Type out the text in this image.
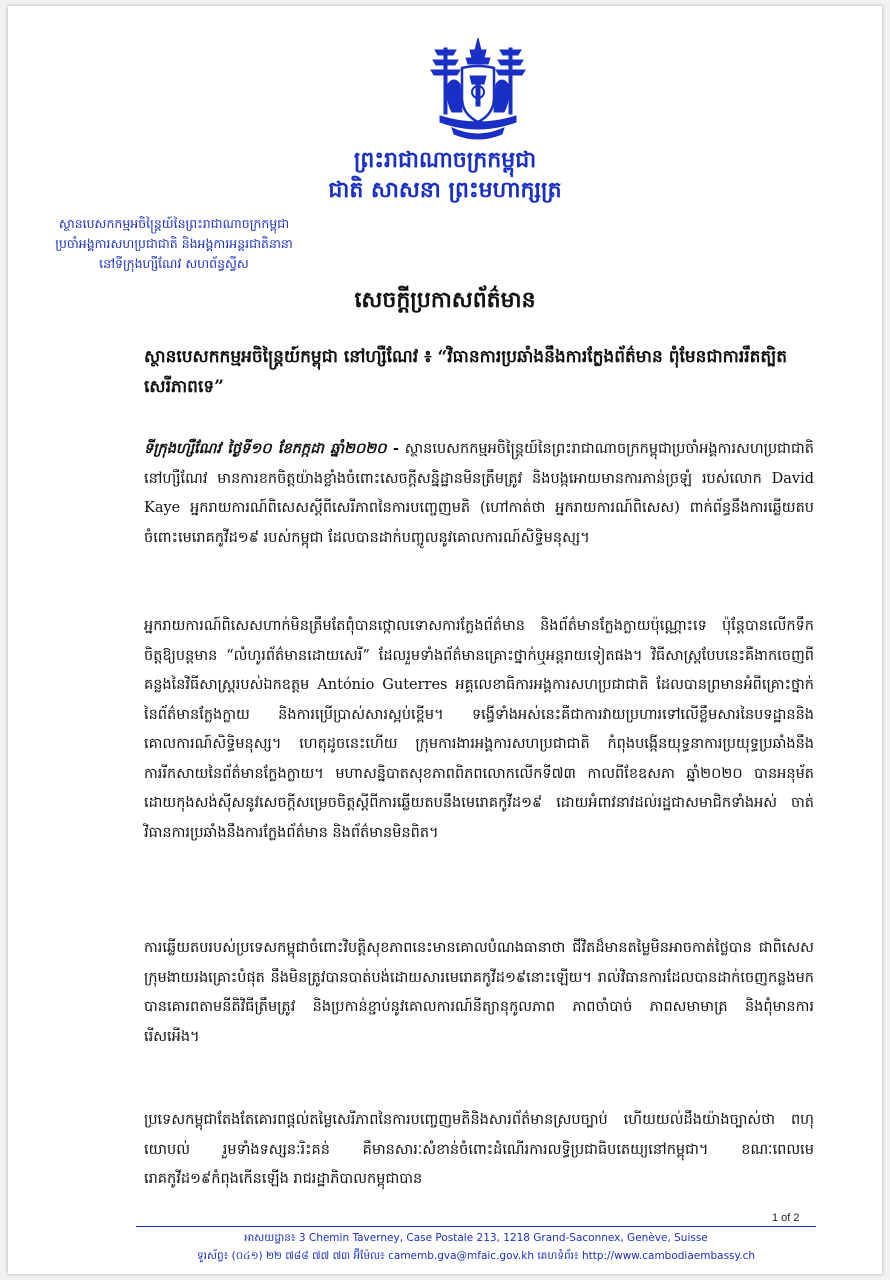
ព្រះរាជាណាចក្រកម្ពុជា
ជាតិ សាសនា ព្រះមហាក្សត្រ
ស្ថានបេសកកម្មអចិន្ត្រៃយ៍នៃព្រះរាជាណាចក្រកម្ពុជា
ប្រចាំអង្គការសហប្រជាជាតិ និងអង្គការអន្តរជាតិនានា
នៅទីក្រុងហ្សឺណែវ សហព័ន្ធស្វីស
សេចក្តីប្រកាសព័ត៌មាន
ស្ថានបេសកកម្មអចិន្ត្រៃយ៍កម្ពុជា នៅហ្សឺណែវ ៖ “វិធានការប្រឆាំងនឹងការក្លែងព័ត៌មាន ពុំមែនជាការរឹតត្បិតសេរីភាពទេ”
ទីក្រុងហ្សឺណែវ ថ្ងៃទី១០ ខែកក្កដា ឆ្នាំ២០២០ - ស្ថានបេសកកម្មអចិន្ត្រៃយ៍នៃព្រះរាជាណាចក្រកម្ពុជាប្រចាំអង្គការសហប្រជាជាតិ នៅហ្សឺណែវ មានការខកចិត្តយ៉ាងខ្លាំងចំពោះសេចក្តីសន្និដ្ឋានមិនត្រឹមត្រូវ និងបង្កអោយមានការភាន់ច្រឡំ របស់លោក David Kaye អ្នករាយការណ៍ពិសេសស្តីពីសេរីភាពនៃការបញ្ចេញមតិ (ហៅកាត់ថា អ្នករាយការណ៍ពិសេស) ពាក់ព័ន្ធនឹងការឆ្លើយតបចំពោះមេរោគកូវីដ១៩ របស់កម្ពុជា ដែលបានដាក់បញ្ចូលនូវគោលការណ៍សិទ្ធិមនុស្ស។
អ្នករាយការណ៍ពិសេសហាក់មិនត្រឹមតែពុំបានថ្កោលទោសការក្លែងព័ត៌មាន និងព័ត៌មានក្លែងក្លាយប៉ុណ្ណោះទេ ប៉ុន្តែបានលើកទឹកចិត្តឱ្យបន្តមាន “លំហូរព័ត៌មានដោយសេរី” ដែលរួមទាំងព័ត៌មានគ្រោះថ្នាក់ឬអន្តរាយទៀតផង។ វិធីសាស្ត្របែបនេះគឺងាកចេញពីគន្លងនៃវិធីសាស្ត្ររបស់ឯកឧត្តម António Guterres អគ្គលេខាធិការអង្គការសហប្រជាជាតិ ដែលបានព្រមានអំពីគ្រោះថ្នាក់នៃព័ត៌មានក្លែងក្លាយ និងការប្រើប្រាស់សារស្អប់ខ្ពើម។ ទង្វើទាំងអស់នេះគឺជាការវាយប្រហារទៅលើខ្លឹមសារនៃបទដ្ឋាននិងគោលការណ៍សិទ្ធិមនុស្ស។ ហេតុដូចនេះហើយ ក្រុមការងារអង្គការសហប្រជាជាតិ កំពុងបង្កើនយុទ្ធនាការប្រយុទ្ធប្រឆាំងនឹងការរីកសាយនៃព័ត៌មានក្លែងក្លាយ។ មហាសន្និបាតសុខភាពពិភពលោកលើកទី៧៣ កាលពីខែឧសភា ឆ្នាំ២០២០ បានអនុម័តដោយកុងសង់ស៊ីសនូវសេចក្តីសម្រេចចិត្តស្តីពីការឆ្លើយតបនឹងមេរោគកូវីដ១៩ ដោយអំពាវនាវដល់រដ្ឋជាសមាជិកទាំងអស់ ចាត់វិធានការប្រឆាំងនឹងការក្លែងព័ត៌មាន និងព័ត៌មានមិនពិត។
ការឆ្លើយតបរបស់ប្រទេសកម្ពុជាចំពោះវិបត្តិសុខភាពនេះមានគោលបំណងធានាថា ជីវិតដ៏មានតម្លៃមិនអាចកាត់ថ្លៃបាន ជាពិសេសក្រុមងាយរងគ្រោះបំផុត នឹងមិនត្រូវបានបាត់បង់ដោយសារមេរោគកូវីដ១៩នោះឡើយ។ រាល់វិធានការដែលបានដាក់ចេញកន្លងមក បានគោរពតាមនីតិវិធីត្រឹមត្រូវ និងប្រកាន់ខ្ជាប់នូវគោលការណ៍នីត្យានុកូលភាព ភាពចាំបាច់ ភាពសមាមាត្រ និងពុំមានការរើសអើង។
ប្រទេសកម្ពុជាតែងតែគោរពផ្តល់តម្លៃសេរីភាពនៃការបញ្ចេញមតិនិងសារព័ត៌មានស្របច្បាប់ ហើយយល់ដឹងយ៉ាងច្បាស់ថា ពហុយោបល់ រួមទាំងទស្សនៈរិះគន់ គឺមានសារៈសំខាន់ចំពោះដំណើរការលទ្ធិប្រជាធិបតេយ្យនៅកម្ពុជា។ ខណៈពេលមេរោគកូវីដ១៩កំពុងកើនឡើង រាជរដ្ឋាភិបាលកម្ពុជាបាន
1 of 2
អាសយដ្ឋាន៖ 3 Chemin Taverney, Case Postale 213, 1218 Grand-Saconnex, Genève, Suisse
ទូរស័ព្ទ៖ (០៤១) ២២ ៧៨៨ ៧៧ ៧៣ អ៊ីម៉ែល៖ camemb.gva@mfaic.gov.kh គេហទំព័រ៖ http://www.cambodiaembassy.ch
